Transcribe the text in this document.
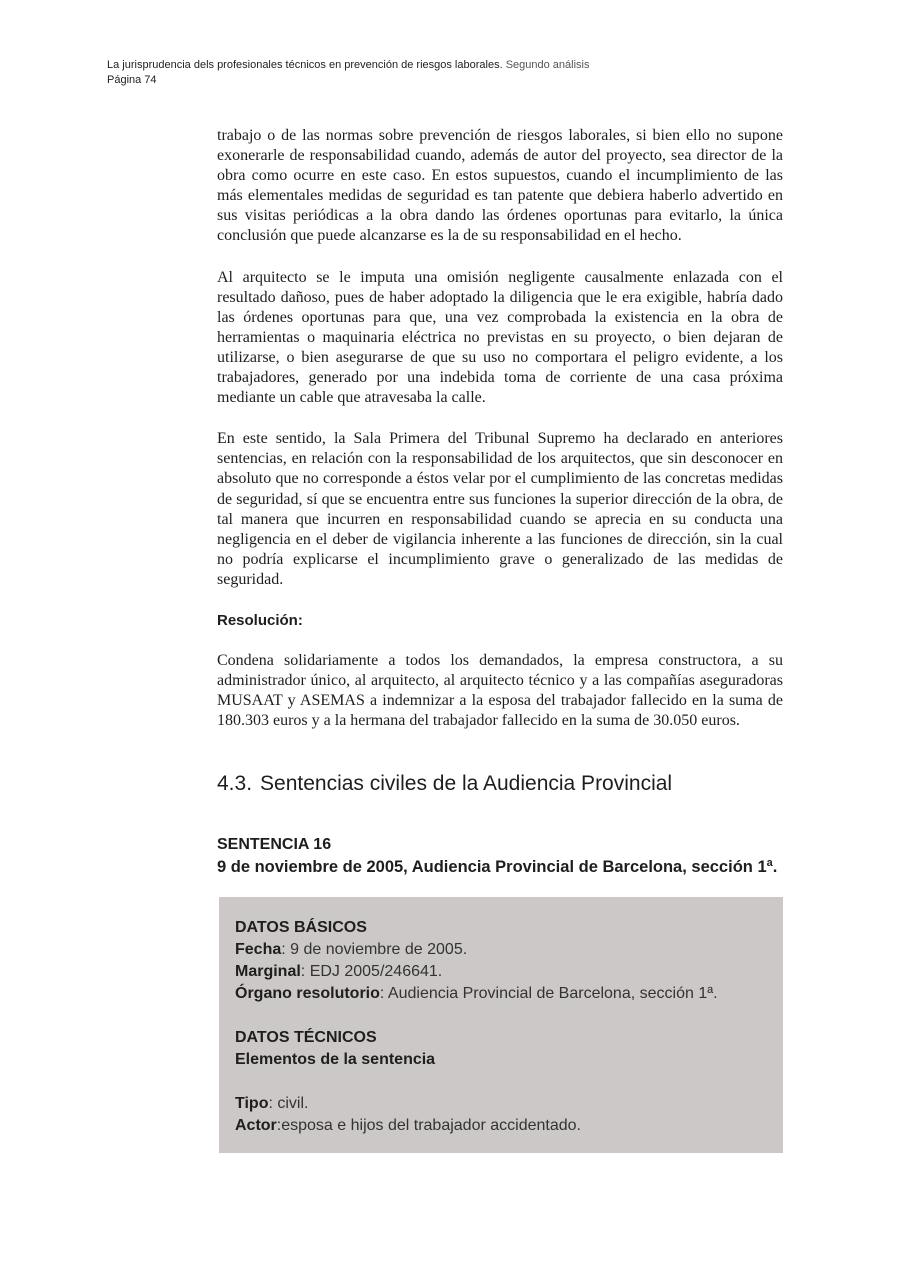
La jurisprudencia dels profesionales técnicos en prevención de riesgos laborales. Segundo análisis
Página 74

trabajo o de las normas sobre prevención de riesgos laborales, si bien ello no supone exonerarle de responsabilidad cuando, además de autor del proyecto, sea director de la obra como ocurre en este caso. En estos supuestos, cuando el incumplimiento de las más elementales medidas de seguridad es tan patente que debiera haberlo advertido en sus visitas periódicas a la obra dando las órdenes oportunas para evitarlo, la única conclusión que puede alcanzarse es la de su responsabilidad en el hecho.

Al arquitecto se le imputa una omisión negligente causalmente enlazada con el resultado dañoso, pues de haber adoptado la diligencia que le era exigible, habría dado las órdenes oportunas para que, una vez comprobada la existencia en la obra de herramientas o maquinaria eléctrica no previstas en su proyecto, o bien dejaran de utilizarse, o bien asegurarse de que su uso no comportara el peligro evidente, a los trabajadores, generado por una indebida toma de corriente de una casa próxima mediante un cable que atravesaba la calle.

En este sentido, la Sala Primera del Tribunal Supremo ha declarado en anteriores sentencias, en relación con la responsabilidad de los arquitectos, que sin desconocer en absoluto que no corresponde a éstos velar por el cumplimiento de las concretas medidas de seguridad, sí que se encuentra entre sus funciones la superior dirección de la obra, de tal manera que incurren en responsabilidad cuando se aprecia en su conducta una negligencia en el deber de vigilancia inherente a las funciones de dirección, sin la cual no podría explicarse el incumplimiento grave o generalizado de las medidas de seguridad.

Resolución:

Condena solidariamente a todos los demandados, la empresa constructora, a su administrador único, al arquitecto, al arquitecto técnico y a las compañías aseguradoras MUSAAT y ASEMAS a indemnizar a la esposa del trabajador fallecido en la suma de 180.303 euros y a la hermana del trabajador fallecido en la suma de 30.050 euros.

4.3. Sentencias civiles de la Audiencia Provincial
SENTENCIA 16
9 de noviembre de 2005, Audiencia Provincial de Barcelona, sección 1ª.
DATOS BÁSICOS
Fecha: 9 de noviembre de 2005.
Marginal: EDJ 2005/246641.
Órgano resolutorio: Audiencia Provincial de Barcelona, sección 1ª.
DATOS TÉCNICOS
Elementos de la sentencia
Tipo: civil.
Actor:esposa e hijos del trabajador accidentado.
